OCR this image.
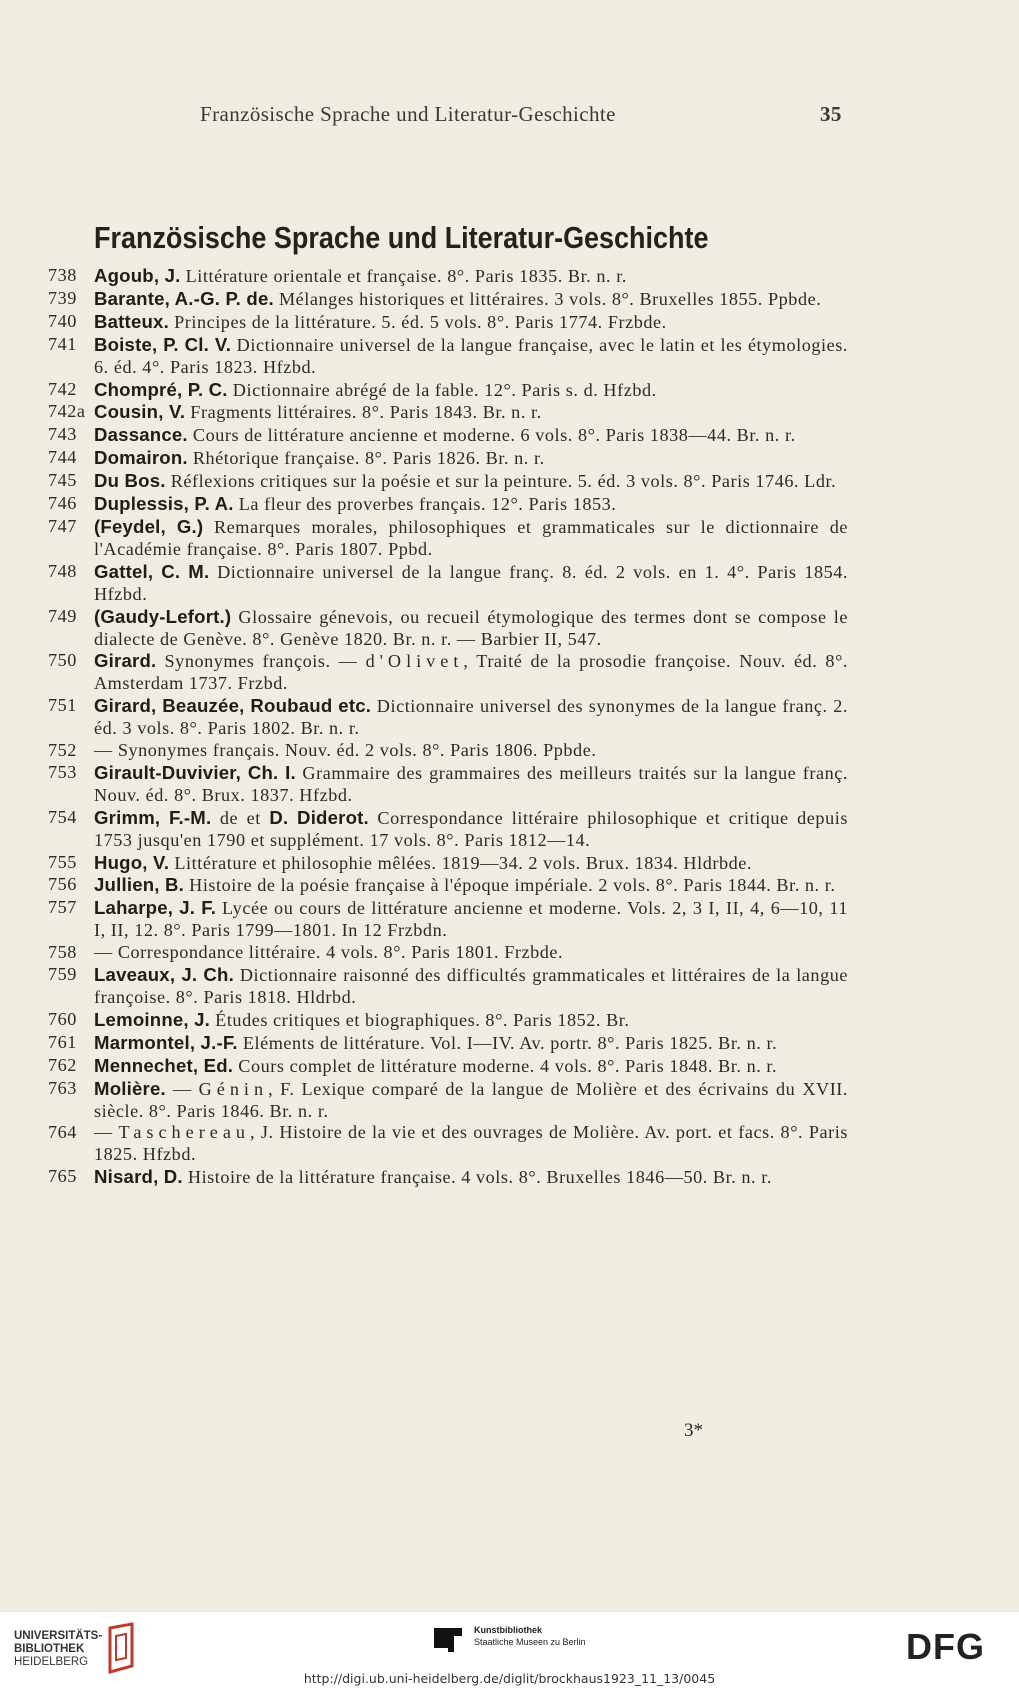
Französische Sprache und Literatur-Geschichte	35
Französische Sprache und Literatur-Geschichte
738 Agoub, J. Littérature orientale et française. 8°. Paris 1835. Br. n. r.
739 Barante, A.-G. P. de. Mélanges historiques et littéraires. 3 vols. 8°. Bruxelles 1855. Ppbde.
740 Batteux. Principes de la littérature. 5. éd. 5 vols. 8°. Paris 1774. Frzbde.
741 Boiste, P. Cl. V. Dictionnaire universel de la langue française, avec le latin et les étymologies. 6. éd. 4°. Paris 1823. Hfzbd.
742 Chompré, P. C. Dictionnaire abrégé de la fable. 12°. Paris s. d. Hfzbd.
742a Cousin, V. Fragments littéraires. 8°. Paris 1843. Br. n. r.
743 Dassance. Cours de littérature ancienne et moderne. 6 vols. 8°. Paris 1838—44. Br. n. r.
744 Domairon. Rhétorique française. 8°. Paris 1826. Br. n. r.
745 Du Bos. Réflexions critiques sur la poésie et sur la peinture. 5. éd. 3 vols. 8°. Paris 1746. Ldr.
746 Duplessis, P. A. La fleur des proverbes français. 12°. Paris 1853.
747 (Feydel, G.) Remarques morales, philosophiques et grammaticales sur le dictionnaire de l'Académie française. 8°. Paris 1807. Ppbd.
748 Gattel, C. M. Dictionnaire universel de la langue franç. 8. éd. 2 vols. en 1. 4°. Paris 1854. Hfzbd.
749 (Gaudy-Lefort.) Glossaire génevois, ou recueil étymologique des termes dont se compose le dialecte de Genève. 8°. Genève 1820. Br. n. r. — Barbier II, 547.
750 Girard. Synonymes françois. — d'Olivet, Traité de la prosodie françoise. Nouv. éd. 8°. Amsterdam 1737. Frzbd.
751 Girard, Beauzée, Roubaud etc. Dictionnaire universel des synonymes de la langue franç. 2. éd. 3 vols. 8°. Paris 1802. Br. n. r.
752 — Synonymes français. Nouv. éd. 2 vols. 8°. Paris 1806. Ppbde.
753 Girault-Duvivier, Ch. I. Grammaire des grammaires des meilleurs traités sur la langue franç. Nouv. éd. 8°. Brux. 1837. Hfzbd.
754 Grimm, F.-M. de et D. Diderot. Correspondance littéraire philosophique et critique depuis 1753 jusqu'en 1790 et supplément. 17 vols. 8°. Paris 1812—14.
755 Hugo, V. Littérature et philosophie mêlées. 1819—34. 2 vols. Brux. 1834. Hldrbde.
756 Jullien, B. Histoire de la poésie française à l'époque impériale. 2 vols. 8°. Paris 1844. Br. n. r.
757 Laharpe, J. F. Lycée ou cours de littérature ancienne et moderne. Vols. 2, 3 I, II, 4, 6—10, 11 I, II, 12. 8°. Paris 1799—1801. In 12 Frzbdn.
758 — Correspondance littéraire. 4 vols. 8°. Paris 1801. Frzbde.
759 Laveaux, J. Ch. Dictionnaire raisonné des difficultés grammaticales et littéraires de la langue françoise. 8°. Paris 1818. Hldrbd.
760 Lemoinne, J. Études critiques et biographiques. 8°. Paris 1852. Br.
761 Marmontel, J.-F. Eléments de littérature. Vol. I—IV. Av. portr. 8°. Paris 1825. Br. n. r.
762 Mennechet, Ed. Cours complet de littérature moderne. 4 vols. 8°. Paris 1848. Br. n. r.
763 Molière. — Génin, F. Lexique comparé de la langue de Molière et des écrivains du XVII. siècle. 8°. Paris 1846. Br. n. r.
764 — Taschereau, J. Histoire de la vie et des ouvrages de Molière. Av. port. et facs. 8°. Paris 1825. Hfzbd.
765 Nisard, D. Histoire de la littérature française. 4 vols. 8°. Bruxelles 1846—50. Br. n. r.
3*
UNIVERSITÄTS-
BIBLIOTHEK
HEIDELBERG
Kunstbibliothek
Staatliche Museen zu Berlin	DFG
http://digi.ub.uni-heidelberg.de/diglit/brockhaus1923_11_13/0045
